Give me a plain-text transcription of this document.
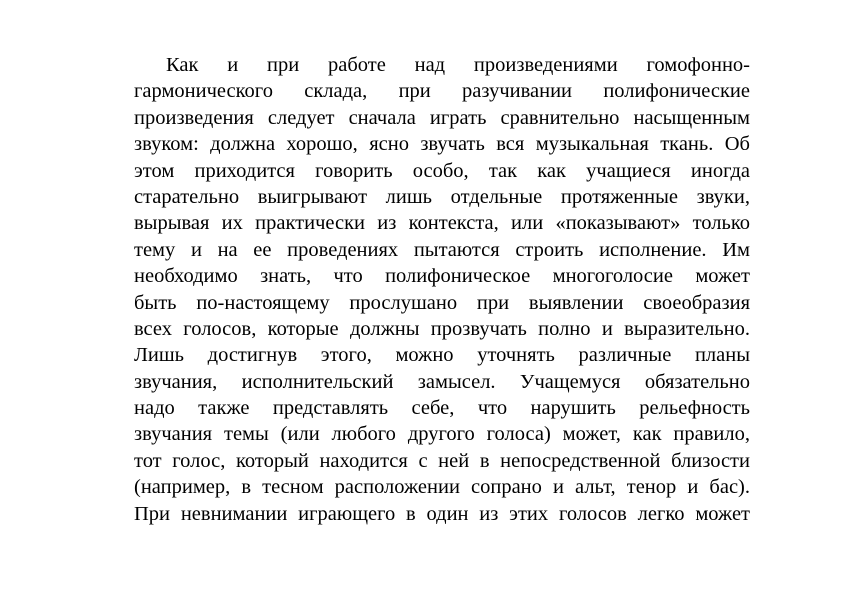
Как и при работе над произведениями гомофонно-
гармонического склада, при разучивании полифонические
произведения следует сначала играть сравнительно насыщенным
звуком: должна хорошо, ясно звучать вся музыкальная ткань. Об
этом приходится говорить особо, так как учащиеся иногда
старательно выигрывают лишь отдельные протяженные звуки,
вырывая их практически из контекста, или «показывают» только
тему и на ее проведениях пытаются строить исполнение. Им
необходимо знать, что полифоническое многоголосие может
быть по-настоящему прослушано при выявлении своеобразия
всех голосов, которые должны прозвучать полно и выразительно.
Лишь достигнув этого, можно уточнять различные планы
звучания, исполнительский замысел. Учащемуся обязательно
надо также представлять себе, что нарушить рельефность
звучания темы (или любого другого голоса) может, как правило,
тот голос, который находится с ней в непосредственной близости
(например, в тесном расположении сопрано и альт, тенор и бас).
При невнимании играющего в один из этих голосов легко может
